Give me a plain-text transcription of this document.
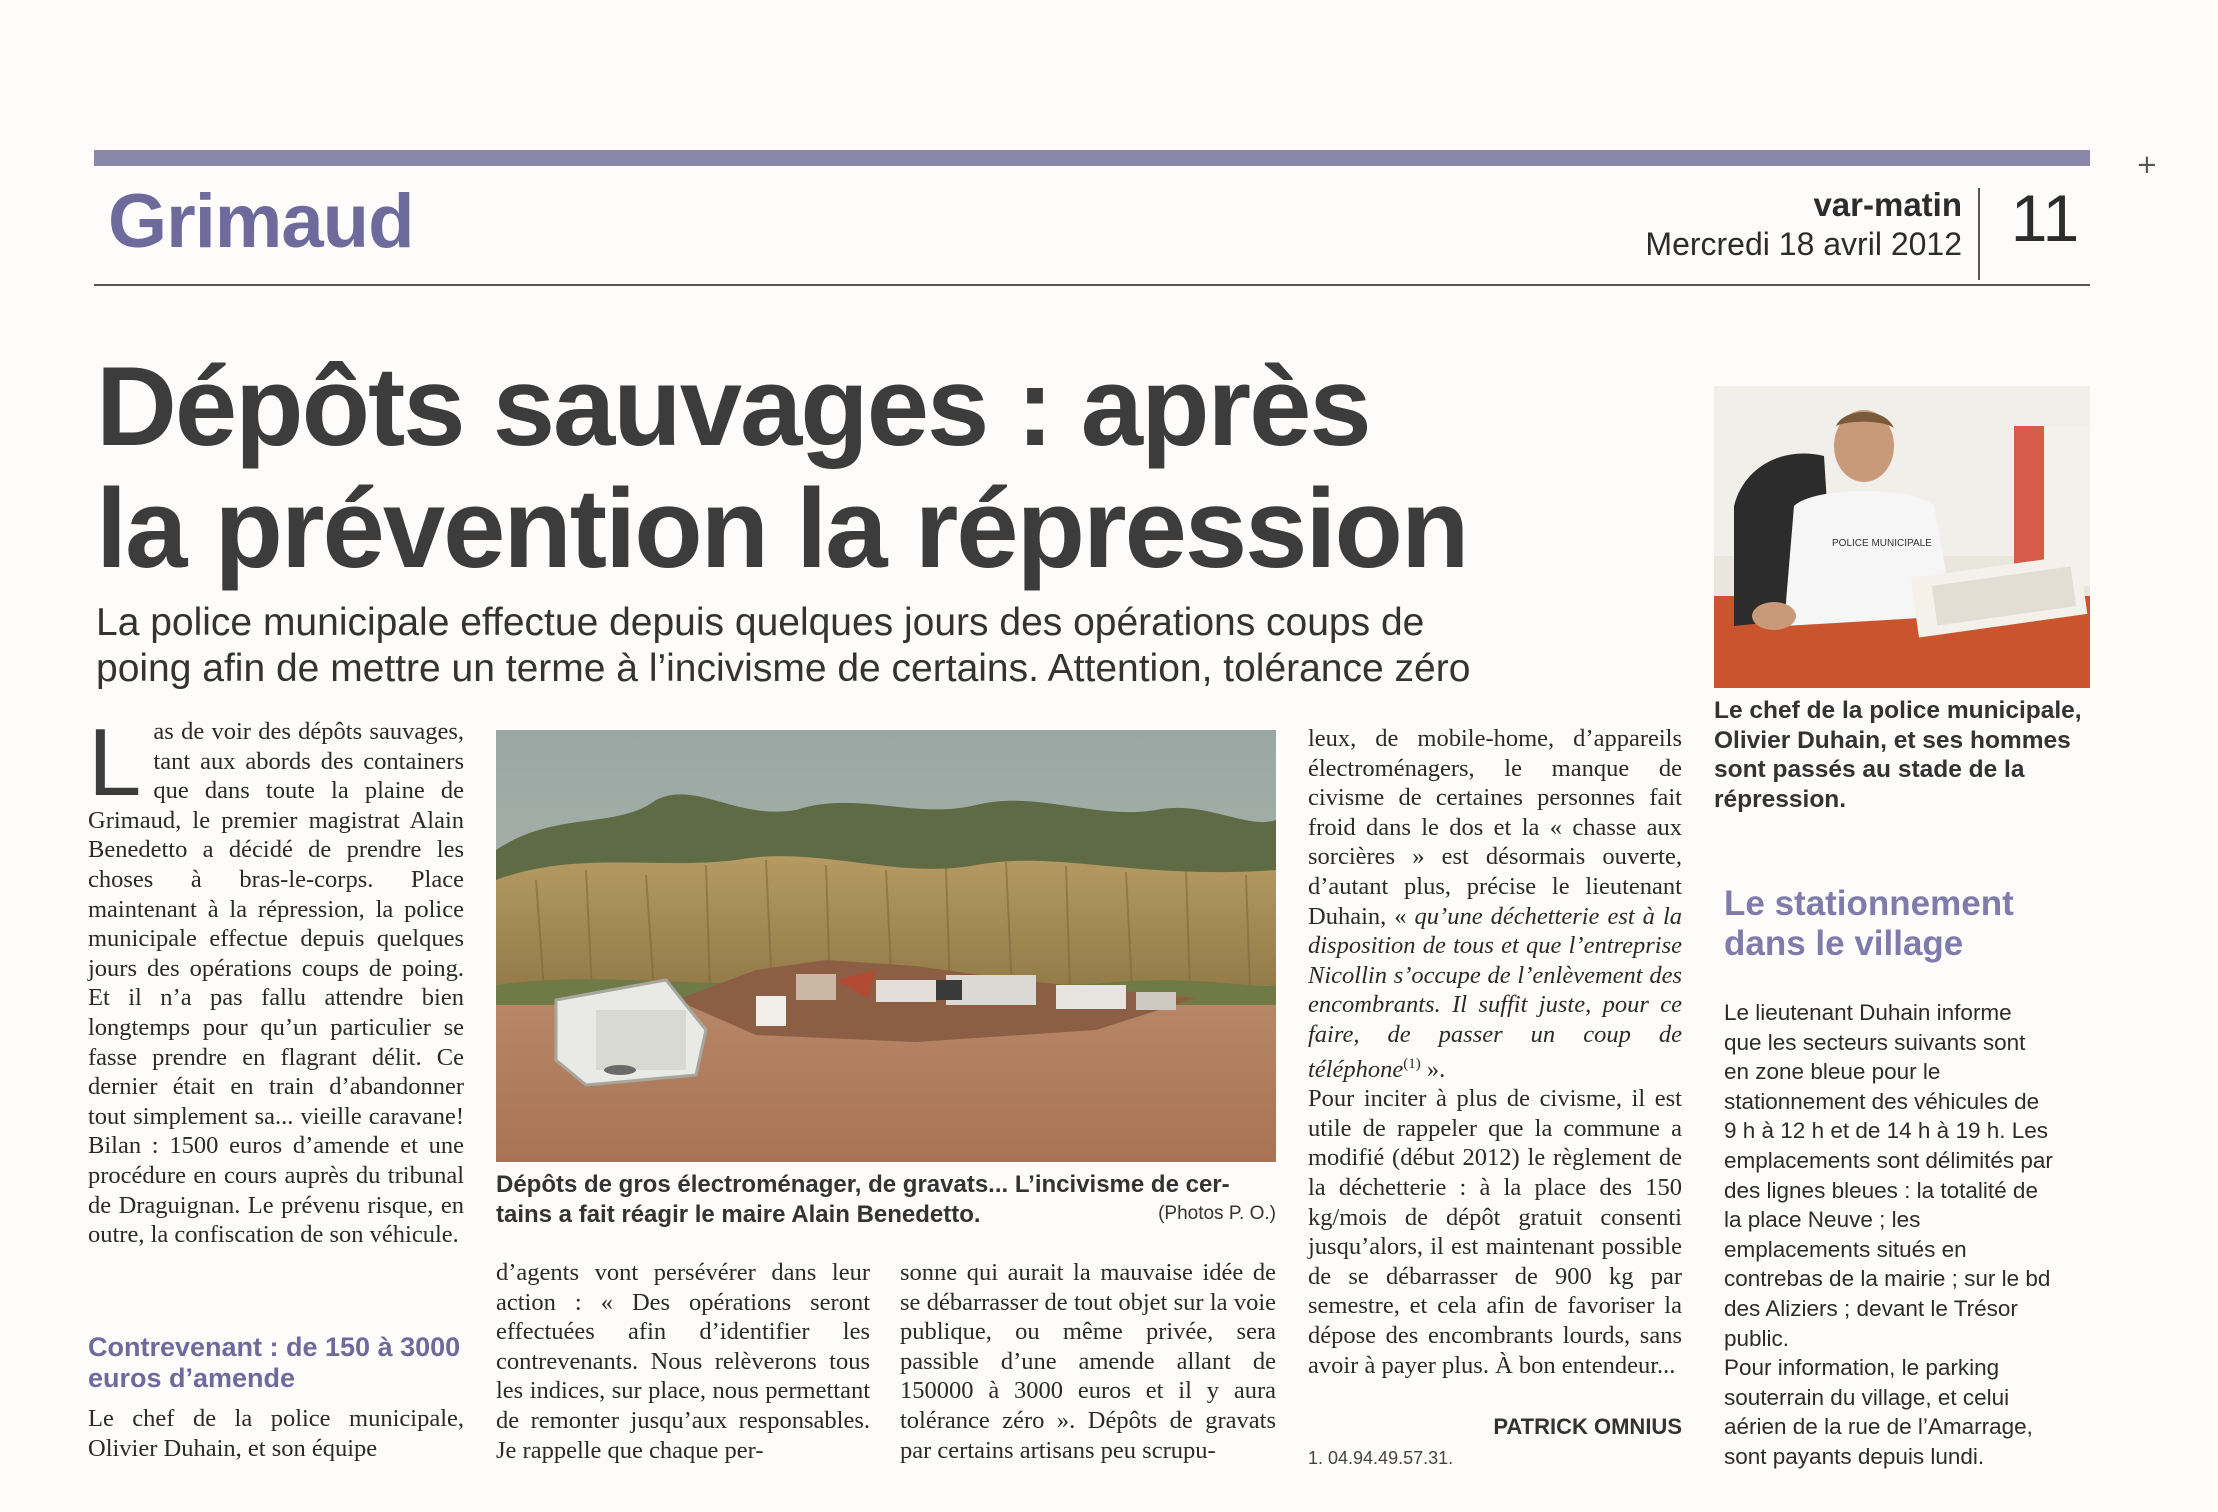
+
Grimaud	var-matin
Mercredi 18 avril 2012 11
Dépôts sauvages : après
la prévention la répression
La police municipale effectue depuis quelques jours des opérations coups de
poing afin de mettre un terme à l’incivisme de certains. Attention, tolérance zéro
L as de voir des dépôts sauvages, tant aux abords des containers que dans toute la plaine de Grimaud, le premier magistrat Alain Benedetto a décidé de prendre les choses à bras-le-corps. Place maintenant à la répression, la police municipale effectue depuis quelques jours des opérations coups de poing. Et il n’a pas fallu attendre bien longtemps pour qu’un particulier se fasse prendre en flagrant délit. Ce dernier était en train d’abandonner tout simplement sa... vieille caravane! Bilan : 1500 euros d’amende et une procédure en cours auprès du tribunal de Draguignan. Le prévenu risque, en outre, la confiscation de son véhicule.
Contrevenant : de 150 à 3000 euros d’amende
Le chef de la police municipale, Olivier Duhain, et son équipe
Dépôts de gros électroménager, de gravats... L’incivisme de cer-
tains a fait réagir le maire Alain Benedetto.	(Photos P. O.)
d’agents vont persévérer dans leur action : « Des opérations seront effectuées afin d’identifier les contrevenants. Nous relèverons tous les indices, sur place, nous permettant de remonter jusqu’aux responsables. Je rappelle que chaque per-
sonne qui aurait la mauvaise idée de se débarrasser de tout objet sur la voie publique, ou même privée, sera passible d’une amende allant de 150000 à 3000 euros et il y aura tolérance zéro ». Dépôts de gravats par certains artisans peu scrupu-

leux, de mobile-home, d’appareils électroménagers, le manque de civisme de certaines personnes fait froid dans le dos et la « chasse aux sorcières » est désormais ouverte, d’autant plus, précise le lieutenant Duhain, « qu’une déchetterie est à la disposition de tous et que l’entreprise Nicollin s’occupe de l’enlèvement des encombrants. Il suffit juste, pour ce faire, de passer un coup de téléphone$^{(1)}$ ».

Pour inciter à plus de civisme, il est utile de rappeler que la commune a modifié (début 2012) le règlement de la déchetterie : à la place des 150 kg/mois de dépôt gratuit consenti jusqu’alors, il est maintenant possible de se débarrasser de 900 kg par semestre, et cela afin de favoriser la dépose des encombrants lourds, sans avoir à payer plus. À bon entendeur...

PATRICK OMNIUS
1. 04.94.49.57.31.
POLICE MUNICIPALE
Le chef de la police municipale, Olivier Duhain, et ses hommes sont passés au stade de la répression.
Le stationnement
dans le village

Le lieutenant Duhain informe que les secteurs suivants sont en zone bleue pour le stationnement des véhicules de 9 h à 12 h et de 14 h à 19 h. Les emplacements sont délimités par des lignes bleues : la totalité de la place Neuve ; les emplacements situés en contrebas de la mairie ; sur le bd des Aliziers ; devant le Trésor public.

Pour information, le parking souterrain du village, et celui aérien de la rue de l’Amarrage, sont payants depuis lundi.
